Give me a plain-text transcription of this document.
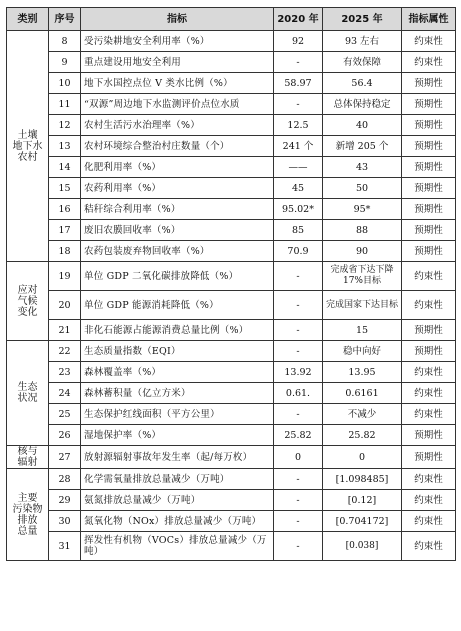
类别	序号	指标	2020 年	2025 年	指标属性
土壤
地下水
农村	8	受污染耕地安全利用率（%）	92	93 左右	约束性
	9	重点建设用地安全利用	-	有效保障	约束性
	10	地下水国控点位 V 类水比例（%）	58.97	56.4	预期性
	11	“双源”周边地下水监测评价点位水质	-	总体保持稳定	预期性
	12	农村生活污水治理率（%）	12.5	40	预期性
	13	农村环境综合整治村庄数量（个）	241 个	新增 205 个	预期性
	14	化肥利用率（%）	——	43	预期性
	15	农药利用率（%）	45	50	预期性
	16	秸秆综合利用率（%）	95.02*	95*	预期性
	17	废旧农膜回收率（%）	85	88	预期性
	18	农药包装废弃物回收率（%）	70.9	90	预期性
应对
气候
变化	19	单位 GDP 二氧化碳排放降低（%）	-	完成省下达下降 17%目标	约束性
	20	单位 GDP 能源消耗降低（%）	-	完成国家下达目标	约束性
	21	非化石能源占能源消费总量比例（%）	-	15	预期性
生态
状况	22	生态质量指数（EQI）	-	稳中向好	预期性
	23	森林覆盖率（%）	13.92	13.95	约束性
	24	森林蓄积量（亿立方米）	0.61.	0.6161	约束性
	25	生态保护红线面积（平方公里）	-	不减少	约束性
	26	湿地保护率（%）	25.82	25.82	预期性
核与
辐射	27	放射源辐射事故年发生率（起/每万枚）	0	0	预期性
主要
污染物
排放
总量	28	化学需氧量排放总量减少（万吨）	-	[1.098485]	约束性
	29	氨氮排放总量减少（万吨）	-	[0.12]	约束性
	30	氮氧化物（NOx）排放总量减少（万吨）	-	[0.704172]	约束性
	31	挥发性有机物（VOCs）排放总量减少（万吨）	-	[0.038]	约束性
